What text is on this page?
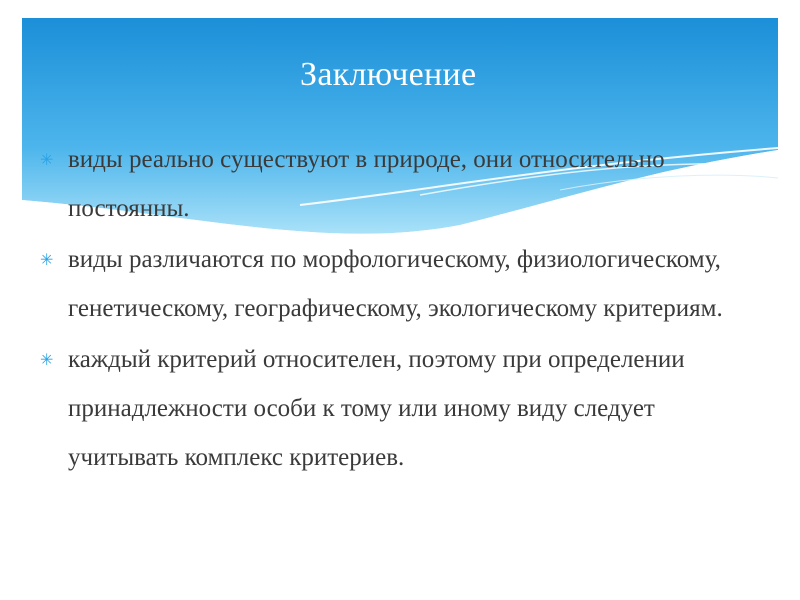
Заключение
✳ виды реально существуют в природе, они относительно постоянны.
✳ виды различаются по морфологическому, физиологическому, генетическому, географическому, экологическому критериям.
✳ каждый критерий относителен, поэтому при определении принадлежности особи к тому или иному виду следует учитывать комплекс критериев.
